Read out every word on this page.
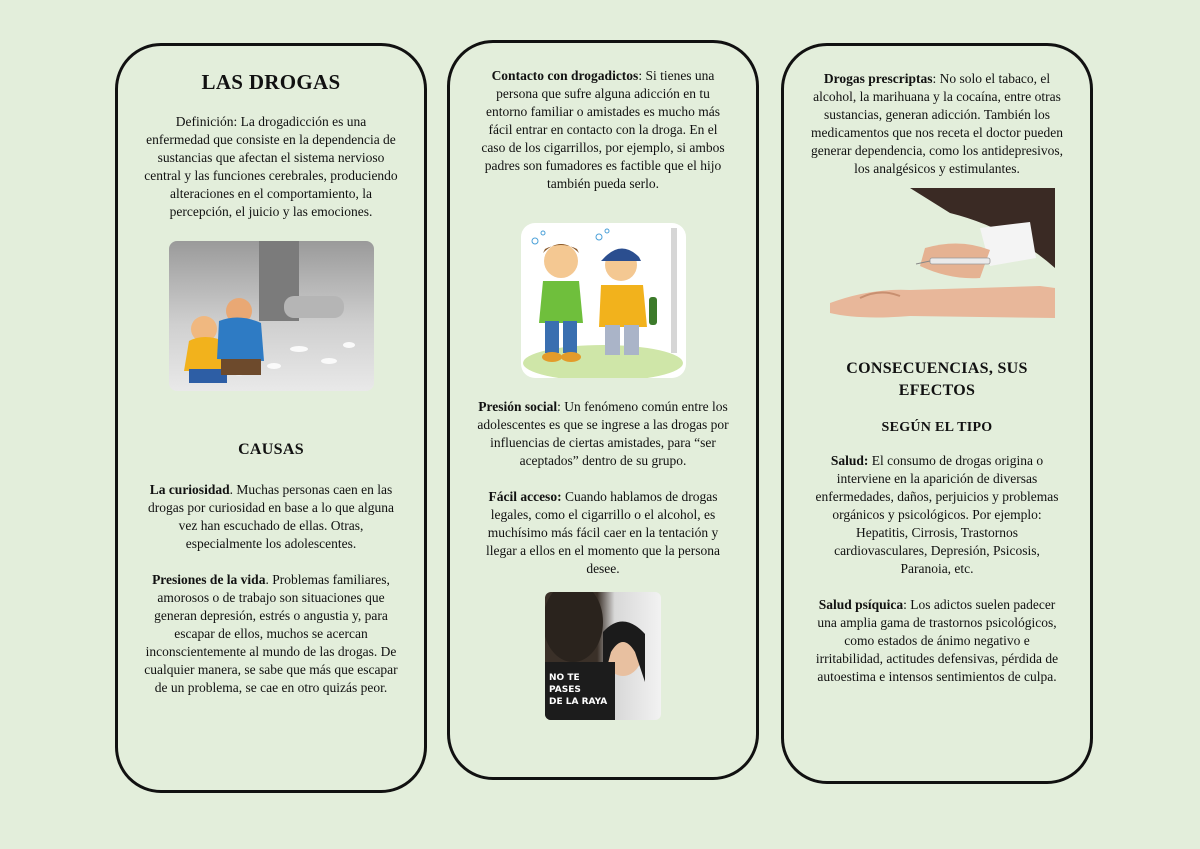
LAS DROGAS

Definición: La drogadicción es una enfermedad que consiste en la dependencia de sustancias que afectan el sistema nervioso central y las funciones cerebrales, produciendo alteraciones en el comportamiento, la percepción, el juicio y las emociones.

CAUSAS

La curiosidad. Muchas personas caen en las drogas por curiosidad en base a lo que alguna vez han escuchado de ellas. Otras, especialmente los adolescentes.

Presiones de la vida. Problemas familiares, amorosos o de trabajo son situaciones que generan depresión, estrés o angustia y, para escapar de ellos, muchos se acercan inconscientemente al mundo de las drogas. De cualquier manera, se sabe que más que escapar de un problema, se cae en otro quizás peor.

Contacto con drogadictos: Si tienes una persona que sufre alguna adicción en tu entorno familiar o amistades es mucho más fácil entrar en contacto con la droga. En el caso de los cigarrillos, por ejemplo, si ambos padres son fumadores es factible que el hijo también pueda serlo.

Presión social: Un fenómeno común entre los adolescentes es que se ingrese a las drogas por influencias de ciertas amistades, para “ser aceptados” dentro de su grupo.

Fácil acceso: Cuando hablamos de drogas legales, como el cigarrillo o el alcohol, es muchísimo más fácil caer en la tentación y llegar a ellos en el momento que la persona desee.

NO TE
PASES
DE LA RAYA

Drogas prescriptas: No solo el tabaco, el alcohol, la marihuana y la cocaína, entre otras sustancias, generan adicción. También los medicamentos que nos receta el doctor pueden generar dependencia, como los antidepresivos, los analgésicos y estimulantes.

CONSECUENCIAS, SUS EFECTOS
SEGÚN EL TIPO

Salud: El consumo de drogas origina o interviene en la aparición de diversas enfermedades, daños, perjuicios y problemas orgánicos y psicológicos. Por ejemplo: Hepatitis, Cirrosis, Trastornos cardiovasculares, Depresión, Psicosis, Paranoia, etc.

Salud psíquica: Los adictos suelen padecer una amplia gama de trastornos psicológicos, como estados de ánimo negativo e irritabilidad, actitudes defensivas, pérdida de autoestima e intensos sentimientos de culpa.
